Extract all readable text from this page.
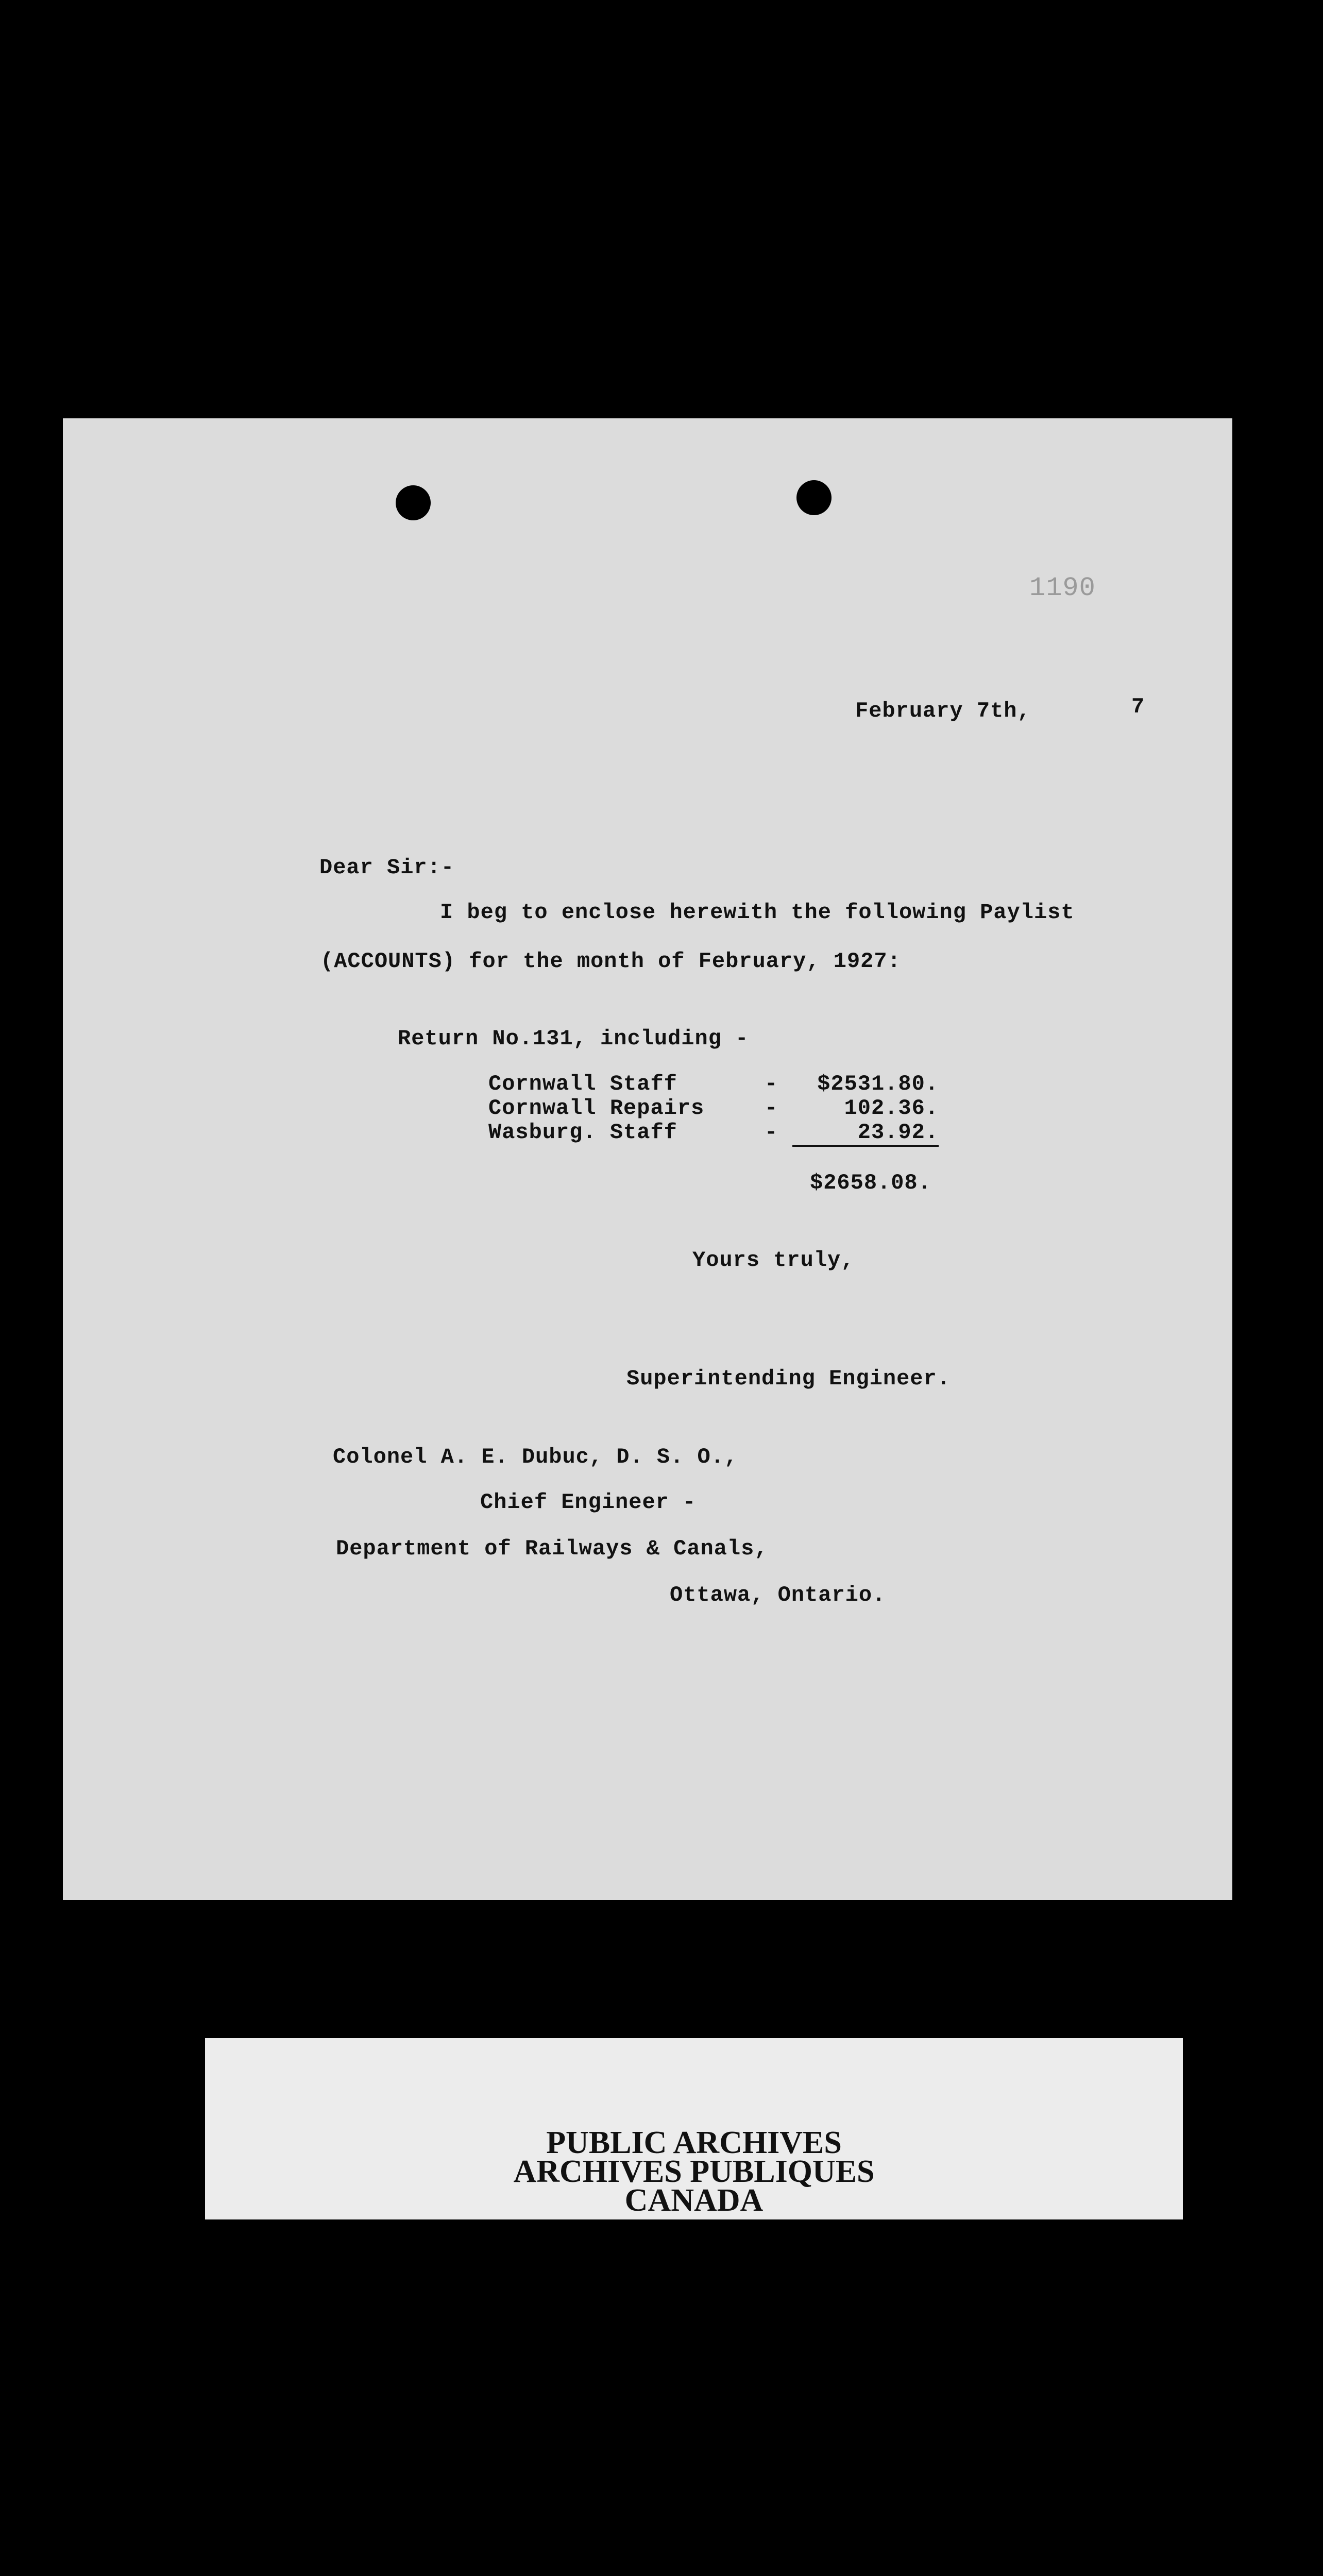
1190
February 7th,	7
Dear Sir:-
I beg to enclose herewith the following Paylist
(ACCOUNTS) for the month of February, 1927:
Return No.131, including -
Cornwall Staff	-	$2531.80.
Cornwall Repairs	-	102.36.
Wasburg. Staff	-	23.92.
$2658.08.
Yours truly,
Superintending Engineer.
Colonel A. E. Dubuc, D. S. O.,
Chief Engineer -
Department of Railways & Canals,
Ottawa, Ontario.
PUBLIC ARCHIVES
ARCHIVES PUBLIQUES
CANADA
